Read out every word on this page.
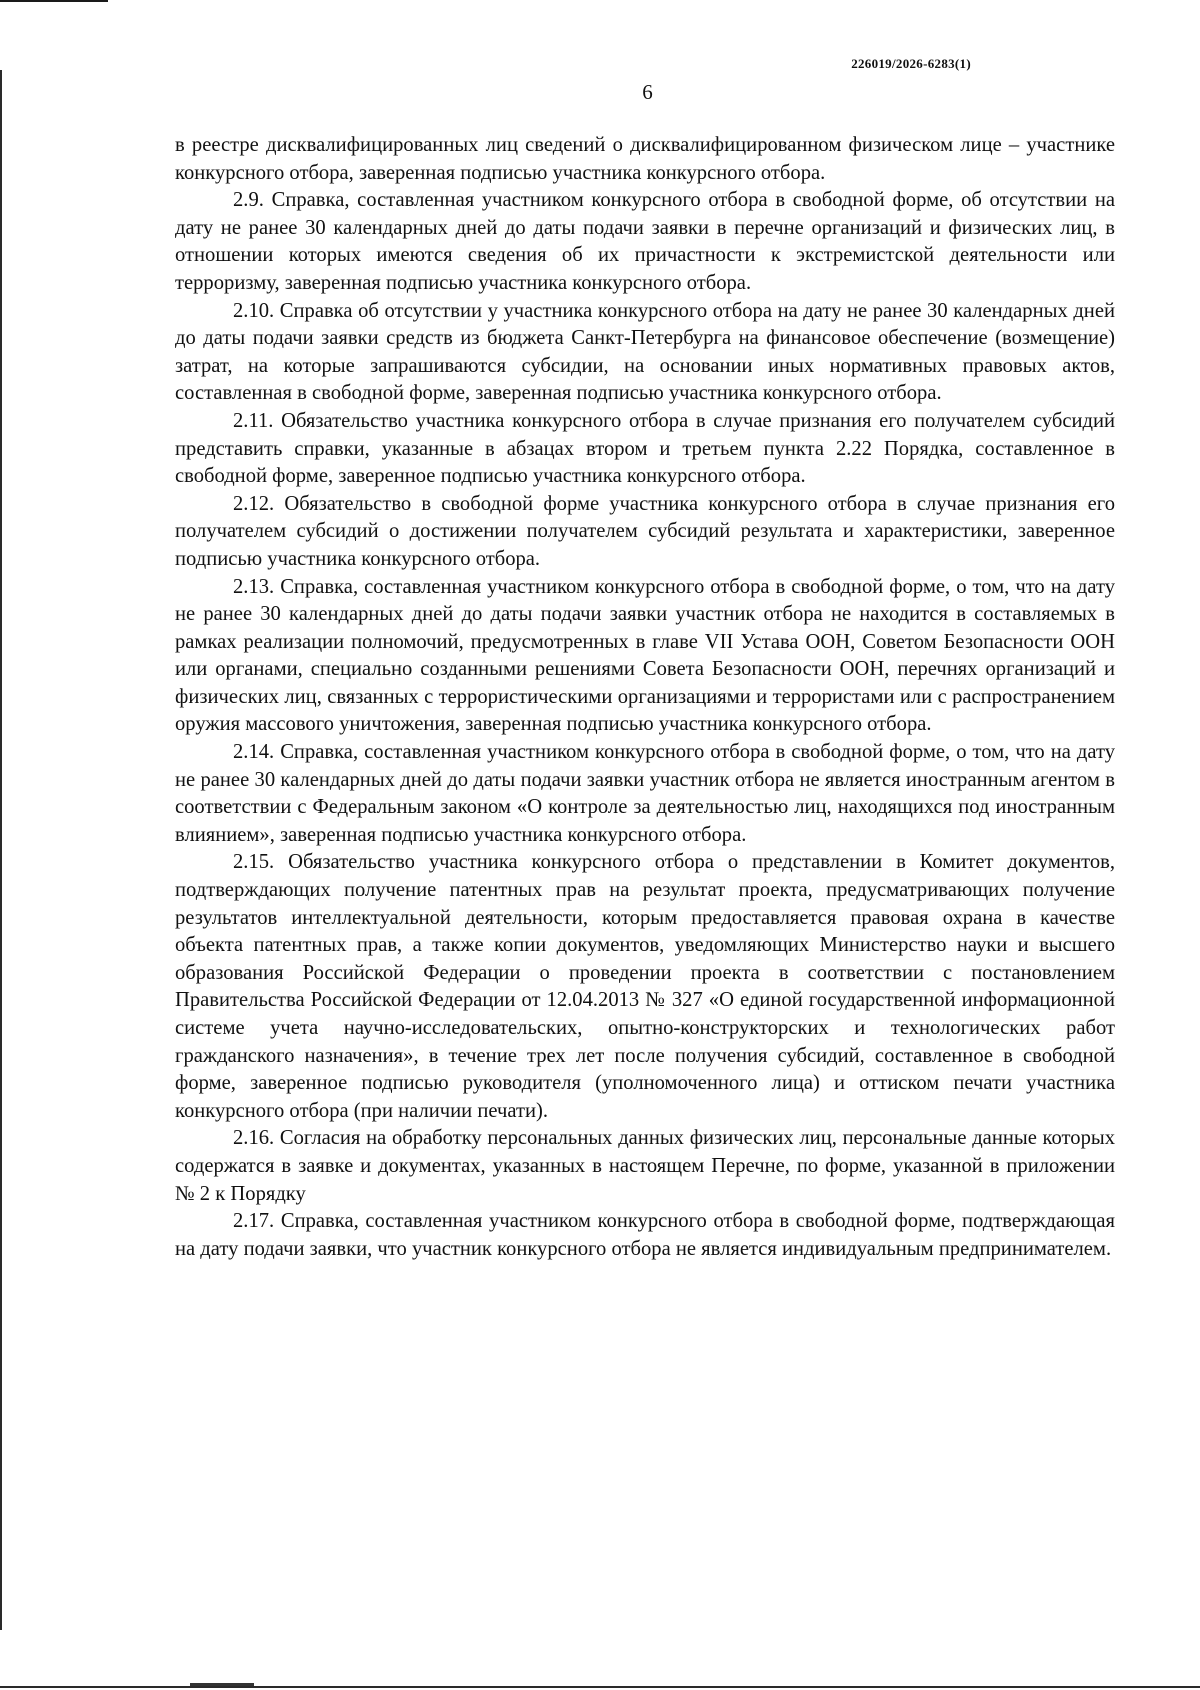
226019/2026-6283(1)
6

в реестре дисквалифицированных лиц сведений о дисквалифицированном физическом лице – участнике конкурсного отбора, заверенная подписью участника конкурсного отбора.

2.9. Справка, составленная участником конкурсного отбора в свободной форме, об отсутствии на дату не ранее 30 календарных дней до даты подачи заявки в перечне организаций и физических лиц, в отношении которых имеются сведения об их причастности к экстремистской деятельности или терроризму, заверенная подписью участника конкурсного отбора.

2.10. Справка об отсутствии у участника конкурсного отбора на дату не ранее 30 календарных дней до даты подачи заявки средств из бюджета Санкт-Петербурга на финансовое обеспечение (возмещение) затрат, на которые запрашиваются субсидии, на основании иных нормативных правовых актов, составленная в свободной форме, заверенная подписью участника конкурсного отбора.

2.11. Обязательство участника конкурсного отбора в случае признания его получателем субсидий представить справки, указанные в абзацах втором и третьем пункта 2.22 Порядка, составленное в свободной форме, заверенное подписью участника конкурсного отбора.

2.12. Обязательство в свободной форме участника конкурсного отбора в случае признания его получателем субсидий о достижении получателем субсидий результата и характеристики, заверенное подписью участника конкурсного отбора.

2.13. Справка, составленная участником конкурсного отбора в свободной форме, о том, что на дату не ранее 30 календарных дней до даты подачи заявки участник отбора не находится в составляемых в рамках реализации полномочий, предусмотренных в главе VII Устава ООН, Советом Безопасности ООН или органами, специально созданными решениями Совета Безопасности ООН, перечнях организаций и физических лиц, связанных с террористическими организациями и террористами или с распространением оружия массового уничтожения, заверенная подписью участника конкурсного отбора.

2.14. Справка, составленная участником конкурсного отбора в свободной форме, о том, что на дату не ранее 30 календарных дней до даты подачи заявки участник отбора не является иностранным агентом в соответствии с Федеральным законом «О контроле за деятельностью лиц, находящихся под иностранным влиянием», заверенная подписью участника конкурсного отбора.

2.15. Обязательство участника конкурсного отбора о представлении в Комитет документов, подтверждающих получение патентных прав на результат проекта, предусматривающих получение результатов интеллектуальной деятельности, которым предоставляется правовая охрана в качестве объекта патентных прав, а также копии документов, уведомляющих Министерство науки и высшего образования Российской Федерации о проведении проекта в соответствии с постановлением Правительства Российской Федерации от 12.04.2013 № 327 «О единой государственной информационной системе учета научно-исследовательских, опытно-конструкторских и технологических работ гражданского назначения», в течение трех лет после получения субсидий, составленное в свободной форме, заверенное подписью руководителя (уполномоченного лица) и оттиском печати участника конкурсного отбора (при наличии печати).

2.16. Согласия на обработку персональных данных физических лиц, персональные данные которых содержатся в заявке и документах, указанных в настоящем Перечне, по форме, указанной в приложении № 2 к Порядку

2.17. Справка, составленная участником конкурсного отбора в свободной форме, подтверждающая на дату подачи заявки, что участник конкурсного отбора не является индивидуальным предпринимателем.
